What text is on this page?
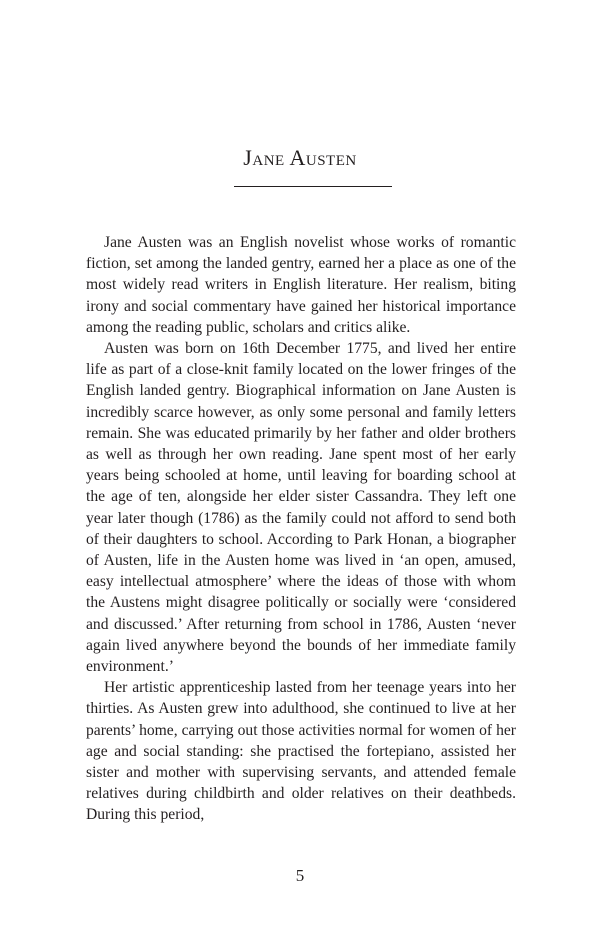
Jane Austen

Jane Austen was an English novelist whose works of romantic fiction, set among the landed gentry, earned her a place as one of the most widely read writers in English literature. Her realism, biting irony and social commentary have gained her historical importance among the reading public, scholars and critics alike.

Austen was born on 16th December 1775, and lived her entire life as part of a close-knit family located on the lower fringes of the English landed gentry. Biographical information on Jane Austen is incredibly scarce however, as only some personal and family letters remain. She was educated primarily by her father and older brothers as well as through her own reading. Jane spent most of her early years being schooled at home, until leaving for boarding school at the age of ten, alongside her elder sister Cassandra. They left one year later though (1786) as the family could not afford to send both of their daughters to school. According to Park Honan, a biographer of Austen, life in the Austen home was lived in ‘an open, amused, easy intellectual atmosphere’ where the ideas of those with whom the Austens might disagree politically or socially were ‘considered and discussed.’ After returning from school in 1786, Austen ‘never again lived anywhere beyond the bounds of her immediate family environment.’

Her artistic apprenticeship lasted from her teenage years into her thirties. As Austen grew into adulthood, she continued to live at her parents’ home, carrying out those activities normal for women of her age and social standing: she practised the fortepiano, assisted her sister and mother with supervising servants, and attended female relatives during childbirth and older relatives on their deathbeds. During this period,

5
